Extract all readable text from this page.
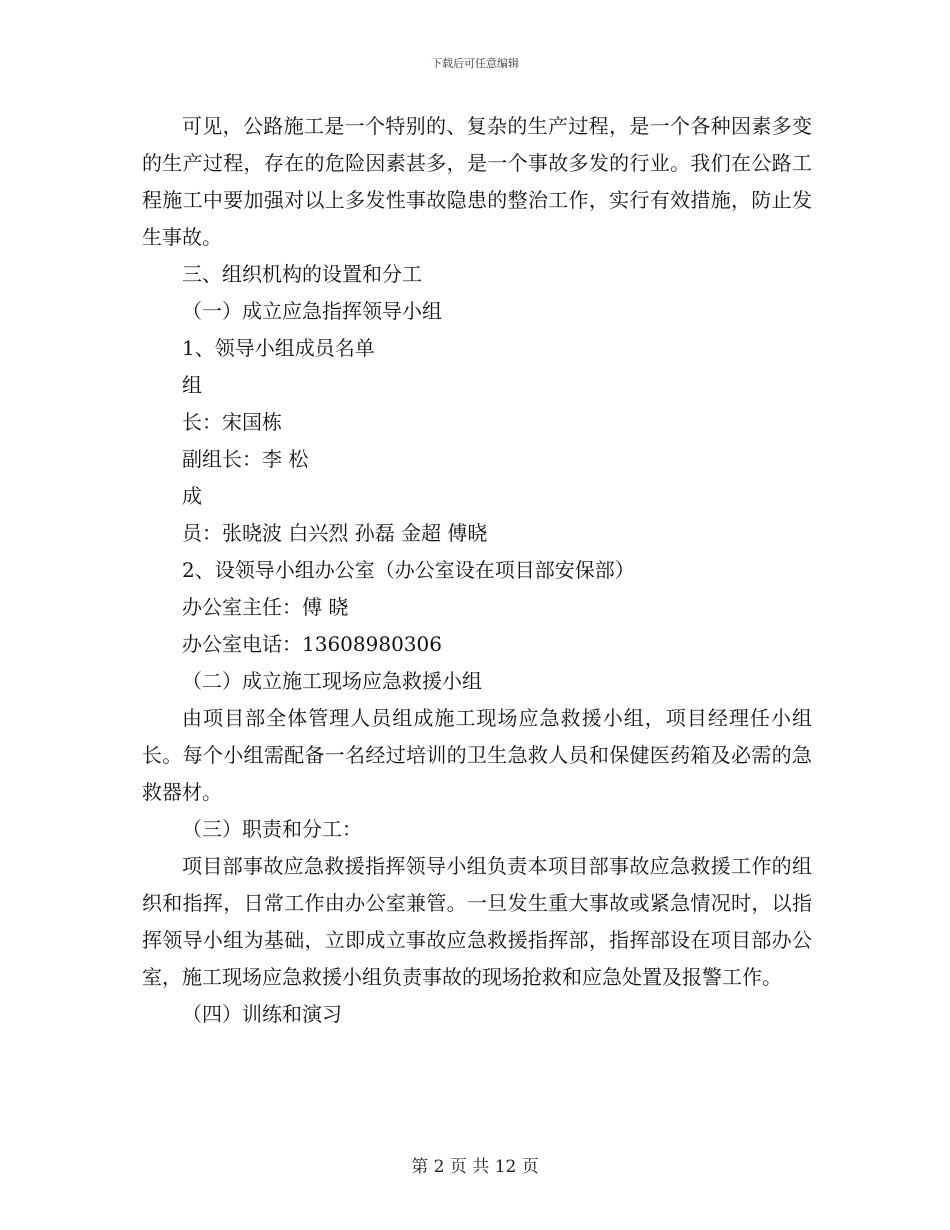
下载后可任意编辑

可见，公路施工是一个特别的、复杂的生产过程，是一个各种因素多变的生产过程，存在的危险因素甚多，是一个事故多发的行业。我们在公路工程施工中要加强对以上多发性事故隐患的整治工作，实行有效措施，防止发生事故。

三、组织机构的设置和分工

（一）成立应急指挥领导小组

1、领导小组成员名单

组

长：宋国栋

副组长：李 松

成

员：张晓波 白兴烈 孙磊 金超 傅晓

2、设领导小组办公室（办公室设在项目部安保部）

办公室主任：傅 晓

办公室电话：13608980306

（二）成立施工现场应急救援小组

由项目部全体管理人员组成施工现场应急救援小组，项目经理任小组长。每个小组需配备一名经过培训的卫生急救人员和保健医药箱及必需的急救器材。

（三）职责和分工：

项目部事故应急救援指挥领导小组负责本项目部事故应急救援工作的组织和指挥，日常工作由办公室兼管。一旦发生重大事故或紧急情况时，以指挥领导小组为基础，立即成立事故应急救援指挥部，指挥部设在项目部办公室，施工现场应急救援小组负责事故的现场抢救和应急处置及报警工作。

（四）训练和演习

第 2 页 共 12 页
